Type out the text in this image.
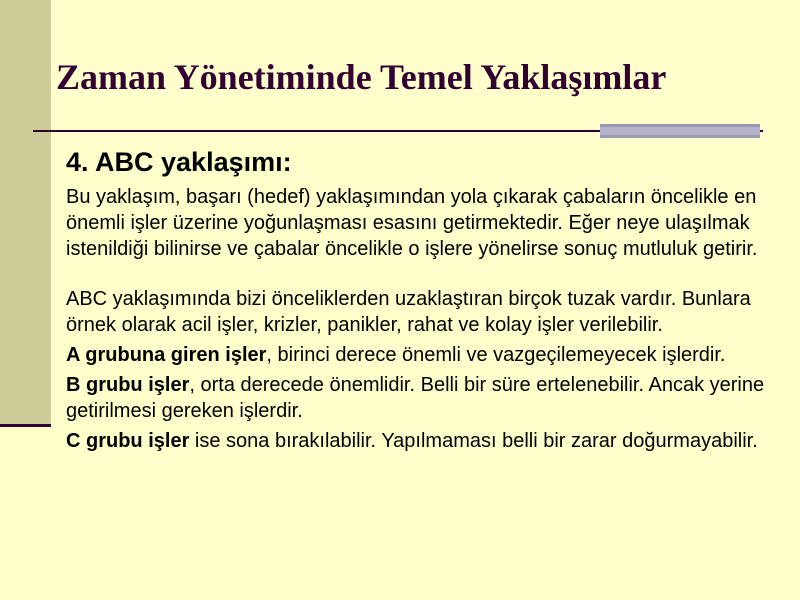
Zaman Yönetiminde Temel Yaklaşımlar
4. ABC yaklaşımı:

Bu yaklaşım, başarı (hedef) yaklaşımından yola çıkarak çabaların öncelikle en önemli işler üzerine yoğunlaşması esasını getirmektedir. Eğer neye ulaşılmak istenildiği bilinirse ve çabalar öncelikle o işlere yönelirse sonuç mutluluk getirir.

ABC yaklaşımında bizi önceliklerden uzaklaştıran birçok tuzak vardır. Bunlara örnek olarak acil işler, krizler, panikler, rahat ve kolay işler verilebilir.

A grubuna giren işler, birinci derece önemli ve vazgeçilemeyecek işlerdir.

B grubu işler, orta derecede önemlidir. Belli bir süre ertelenebilir. Ancak yerine getirilmesi gereken işlerdir.

C grubu işler ise sona bırakılabilir. Yapılmaması belli bir zarar doğurmayabilir.
